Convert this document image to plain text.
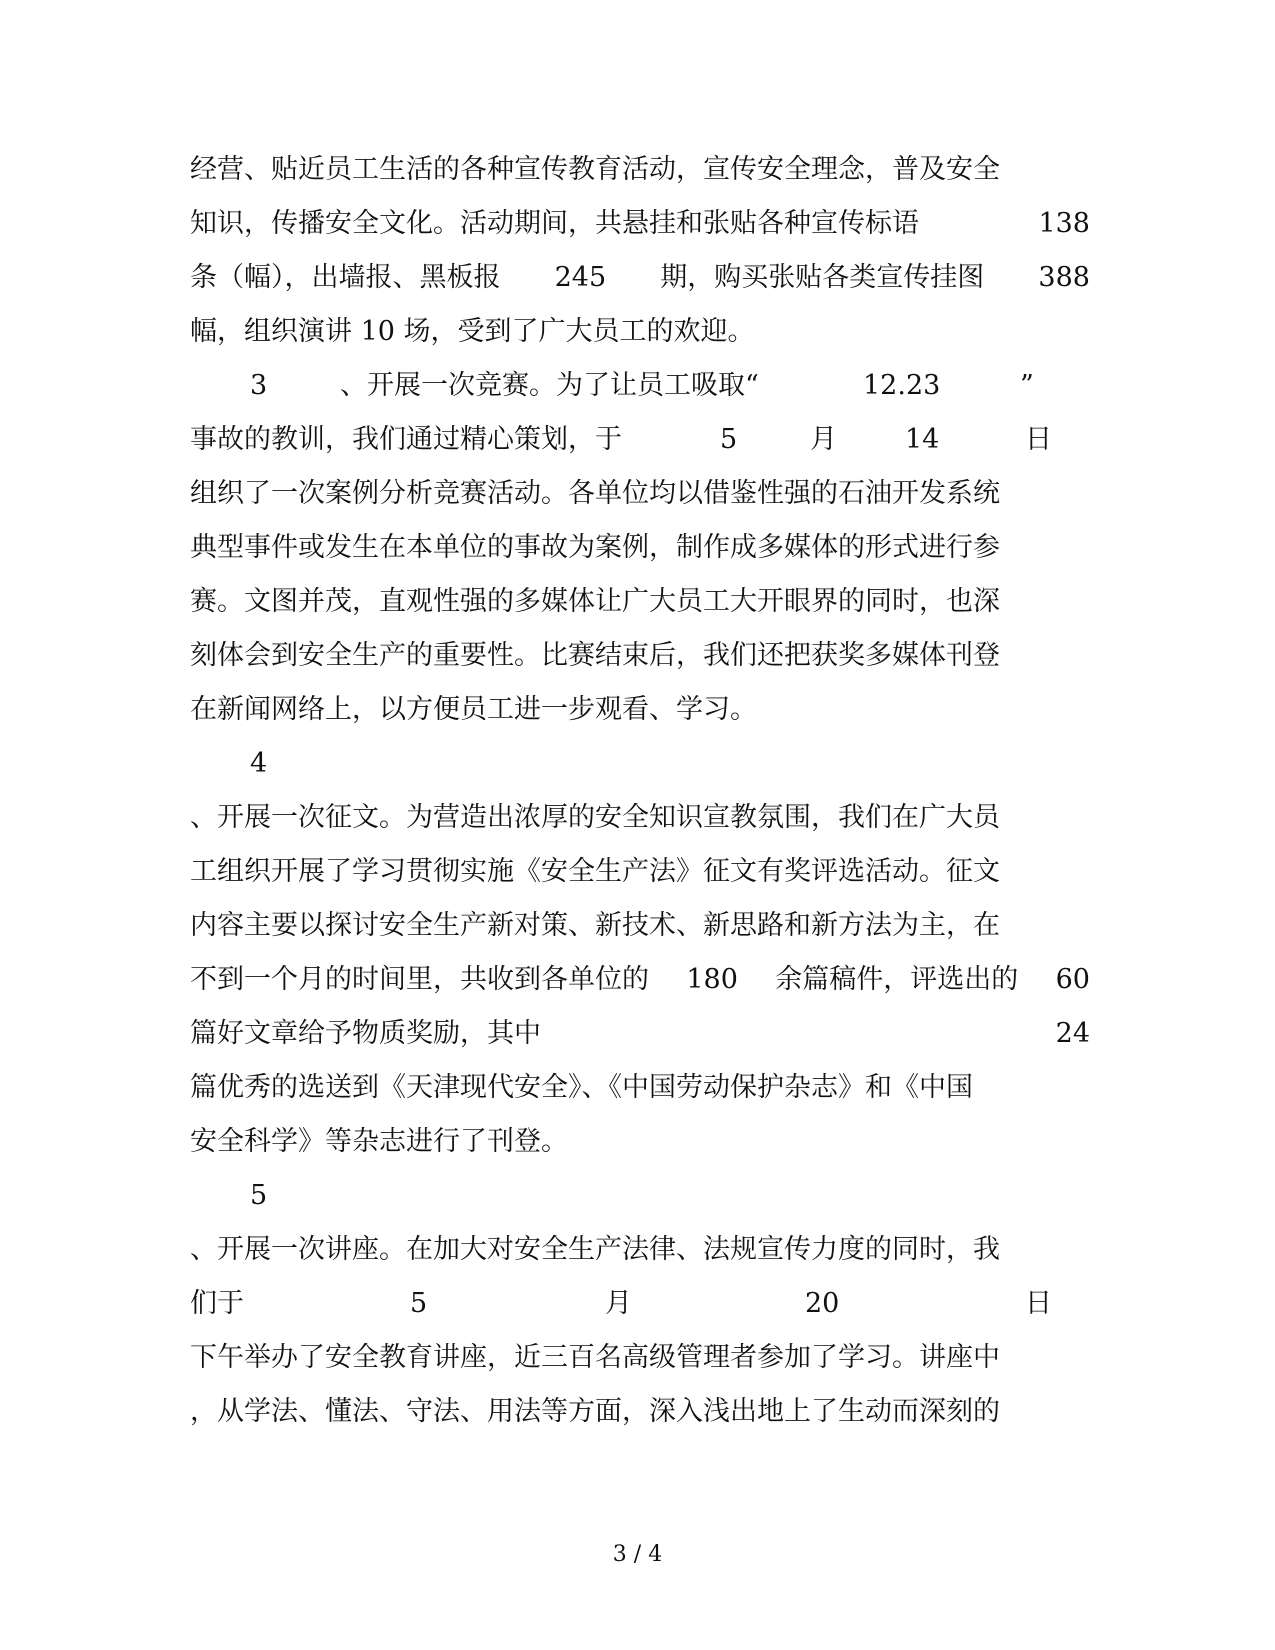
经营、贴近员工生活的各种宣传教育活动，宣传安全理念，普及安全
知识，传播安全文化。活动期间，共悬挂和张贴各种宣传标语	138
条（幅），出墙报、黑板报 245 期，购买张贴各类宣传挂图 388
幅，组织演讲 10 场，受到了广大员工的欢迎。
3	、开展一次竞赛。为了让员工吸取“	12.23	”
事故的教训，我们通过精心策划，于	5	月	14	日
组织了一次案例分析竞赛活动。各单位均以借鉴性强的石油开发系统
典型事件或发生在本单位的事故为案例，制作成多媒体的形式进行参
赛。文图并茂，直观性强的多媒体让广大员工大开眼界的同时，也深
刻体会到安全生产的重要性。比赛结束后，我们还把获奖多媒体刊登
在新闻网络上，以方便员工进一步观看、学习。
4
、开展一次征文。为营造出浓厚的安全知识宣教氛围，我们在广大员
工组织开展了学习贯彻实施《安全生产法》征文有奖评选活动。征文
内容主要以探讨安全生产新对策、新技术、新思路和新方法为主，在
不到一个月的时间里，共收到各单位的 180 余篇稿件，评选出的 60
篇好文章给予物质奖励，其中	24
篇优秀的选送到《天津现代安全》、《中国劳动保护杂志》和《中国
安全科学》等杂志进行了刊登。
5
、开展一次讲座。在加大对安全生产法律、法规宣传力度的同时，我
们于	5	月	20	日
下午举办了安全教育讲座，近三百名高级管理者参加了学习。讲座中
，从学法、懂法、守法、用法等方面，深入浅出地上了生动而深刻的
3 / 4
